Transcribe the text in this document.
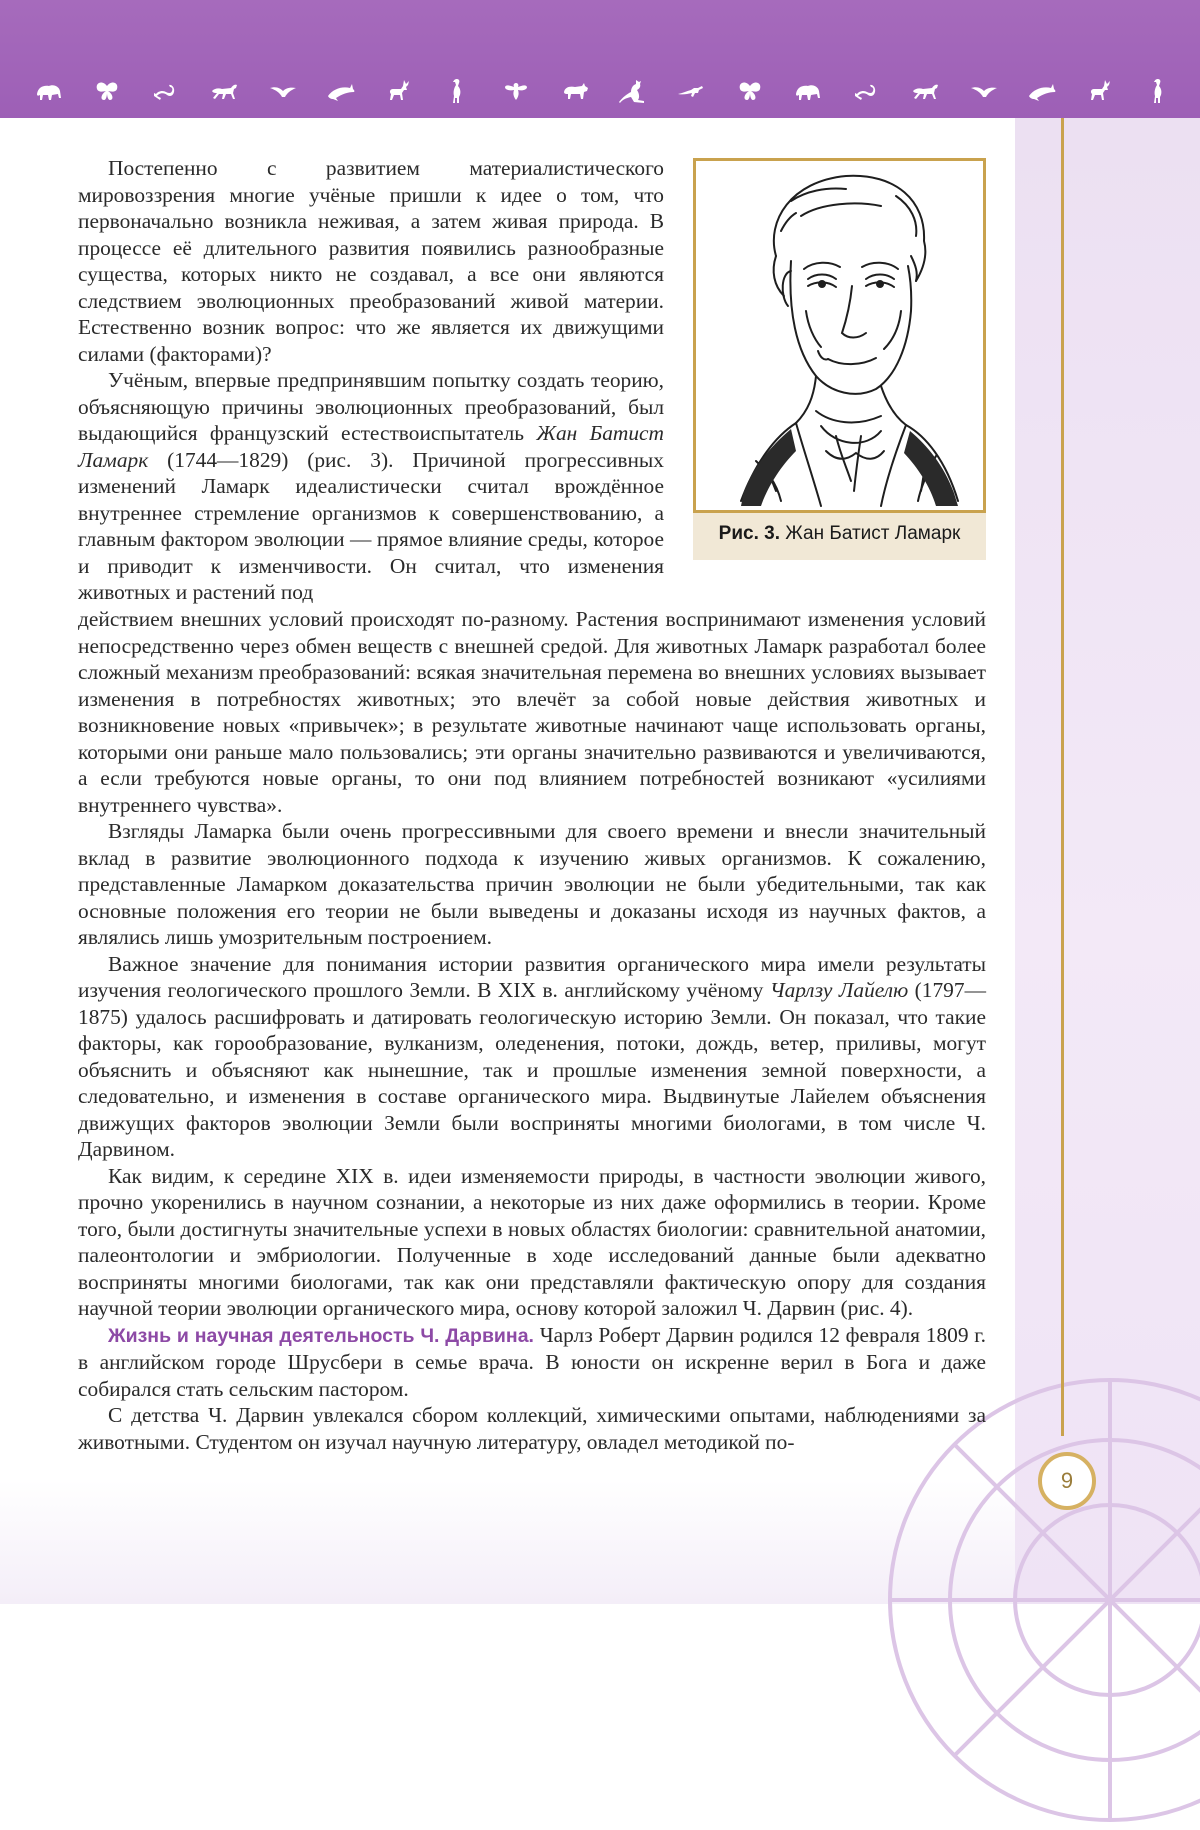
9
Рис. 3. Жан Батист Ламарк

Постепенно с развитием материалистического мировоззрения многие учёные пришли к идее о том, что первоначально возникла неживая, а затем живая природа. В процессе её длительного развития появились разнообразные существа, которых никто не создавал, а все они являются следствием эволюционных преобразований живой материи. Естественно возник вопрос: что же является их движущими силами (факторами)?

Учёным, впервые предпринявшим попытку создать теорию, объясняющую причины эволюционных преобразований, был выдающийся французский естествоиспытатель Жан Батист Ламарк (1744—1829) (рис. 3). Причиной прогрессивных изменений Ламарк идеалистически считал врождённое внутреннее стремление организмов к совершенствованию, а главным фактором эволюции — прямое влияние среды, которое и приводит к изменчивости. Он считал, что изменения животных и растений под

действием внешних условий происходят по-разному. Растения воспринимают изменения условий непосредственно через обмен веществ с внешней средой. Для животных Ламарк разработал более сложный механизм преобразований: всякая значительная перемена во внешних условиях вызывает изменения в потребностях животных; это влечёт за собой новые действия животных и возникновение новых «привычек»; в результате животные начинают чаще использовать органы, которыми они раньше мало пользовались; эти органы значительно развиваются и увеличиваются, а если требуются новые органы, то они под влиянием потребностей возникают «усилиями внутреннего чувства».

Взгляды Ламарка были очень прогрессивными для своего времени и внесли значительный вклад в развитие эволюционного подхода к изучению живых организмов. К сожалению, представленные Ламарком доказательства причин эволюции не были убедительными, так как основные положения его теории не были выведены и доказаны исходя из научных фактов, а являлись лишь умозрительным построением.

Важное значение для понимания истории развития органического мира имели результаты изучения геологического прошлого Земли. В XIX в. английскому учёному Чарлзу Лайелю (1797—1875) удалось расшифровать и датировать геологическую историю Земли. Он показал, что такие факторы, как горообразование, вулканизм, оледенения, потоки, дождь, ветер, приливы, могут объяснить и объясняют как нынешние, так и прошлые изменения земной поверхности, а следовательно, и изменения в составе органического мира. Выдвинутые Лайелем объяснения движущих факторов эволюции Земли были восприняты многими биологами, в том числе Ч. Дарвином.

Как видим, к середине XIX в. идеи изменяемости природы, в частности эволюции живого, прочно укоренились в научном сознании, а некоторые из них даже оформились в теории. Кроме того, были достигнуты значительные успехи в новых областях биологии: сравнительной анатомии, палеонтологии и эмбриологии. Полученные в ходе исследований данные были адекватно восприняты многими биологами, так как они представляли фактическую опору для создания научной теории эволюции органического мира, основу которой заложил Ч. Дарвин (рис. 4).

Жизнь и научная деятельность Ч. Дарвина. Чарлз Роберт Дарвин родился 12 февраля 1809 г. в английском городе Шрусбери в семье врача. В юности он искренне верил в Бога и даже собирался стать сельским пастором.

С детства Ч. Дарвин увлекался сбором коллекций, химическими опытами, наблюдениями за животными. Студентом он изучал научную литературу, овладел методикой по-
